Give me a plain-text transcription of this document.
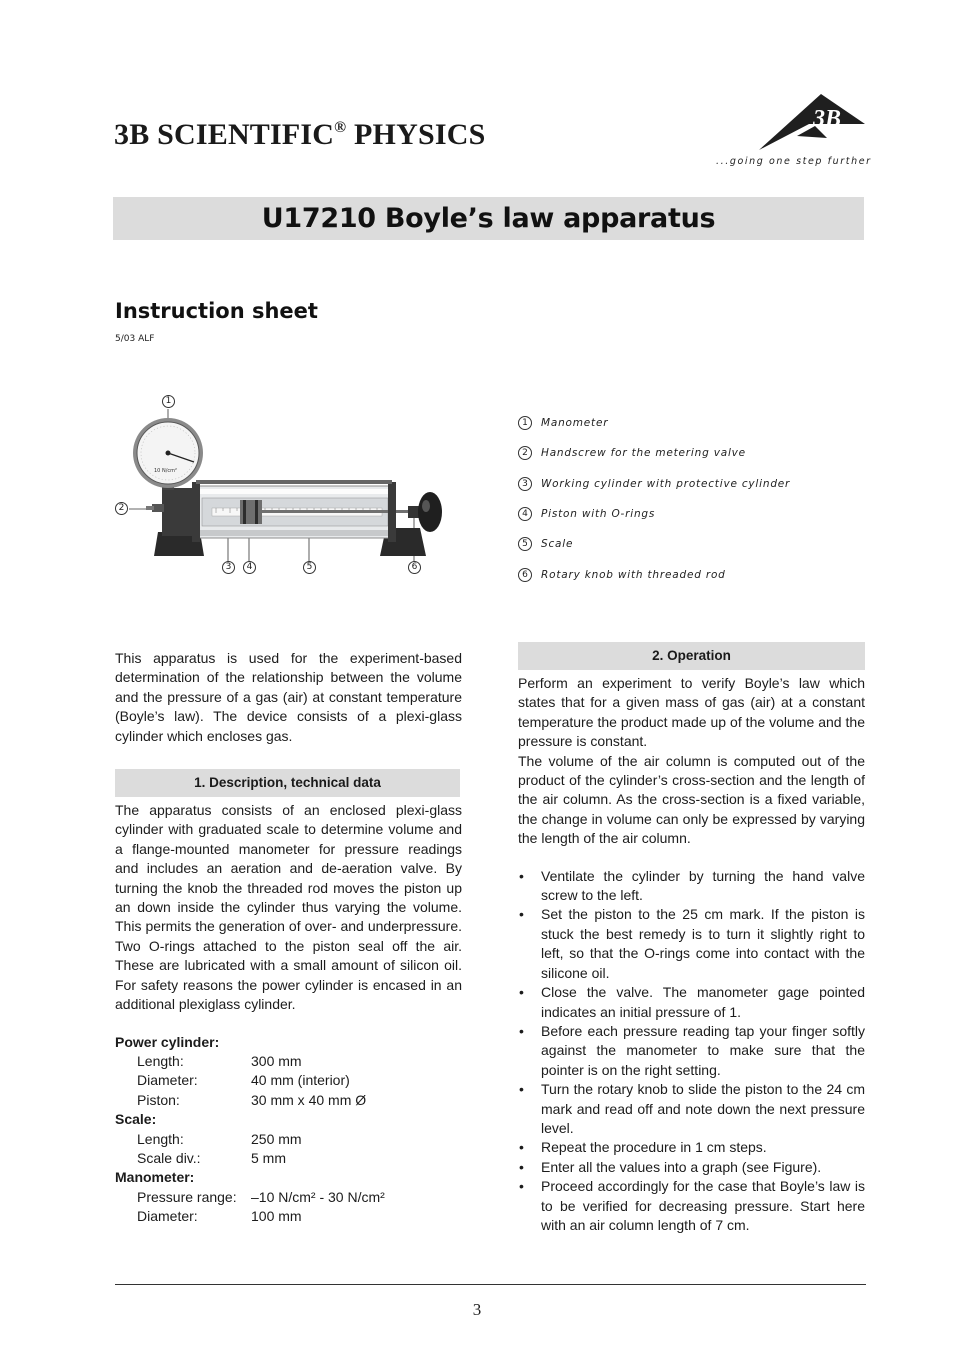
3B SCIENTIFIC® PHYSICS	3B
...going one step further
U17210 Boyle’s law apparatus
Instruction sheet
5/03 ALF
10 N/cm²
1
2
3	4	5	6
1	Manometer
2	Handscrew for the metering valve
3	Working cylinder with protective cylinder
4	Piston with O-rings
5	Scale
6	Rotary knob with threaded rod

This apparatus is used for the experiment-based determination of the relationship between the volume and the pressure of a gas (air) at constant temperature (Boyle’s law). The device consists of a plexi-glass cylinder which encloses gas.

1. Description, technical data

The apparatus consists of an enclosed plexi-glass cylinder with graduated scale to determine volume and a flange-mounted manometer for pressure readings and includes an aeration and de-aeration valve. By turning the knob the threaded rod moves the piston up an down inside the cylinder thus varying the volume. This permits the generation of over- and underpressure. Two O-rings attached to the piston seal off the air. These are lubricated with a small amount of silicon oil. For safety reasons the power cylinder is encased in an additional plexiglass cylinder.

Power cylinder:
Length:	300 mm
Diameter:	40 mm (interior)
Piston:	30 mm x 40 mm Ø
Scale:
Length:	250 mm
Scale div.:	5 mm
Manometer:
Pressure range:	–10 N/cm² - 30 N/cm²
Diameter:	100 mm
2. Operation

Perform an experiment to verify Boyle’s law which states that for a given mass of gas (air) at a constant temperature the product made up of the volume and the pressure is constant.

The volume of the air column is computed out of the product of the cylinder’s cross-section and the length of the air column. As the cross-section is a fixed variable, the change in volume can only be expressed by varying the length of the air column.

• Ventilate the cylinder by turning the hand valve screw to the left.
• Set the piston to the 25 cm mark. If the piston is stuck the best remedy is to turn it slightly right to left, so that the O-rings come into contact with the silicone oil.
• Close the valve. The manometer gage pointed indicates an initial pressure of 1.
• Before each pressure reading tap your finger softly against the manometer to make sure that the pointer is on the right setting.
• Turn the rotary knob to slide the piston to the 24 cm mark and read off and note down the next pressure level.
• Repeat the procedure in 1 cm steps.
• Enter all the values into a graph (see Figure).
• Proceed accordingly for the case that Boyle’s law is to be verified for decreasing pressure. Start here with an air column length of 7 cm.
3
